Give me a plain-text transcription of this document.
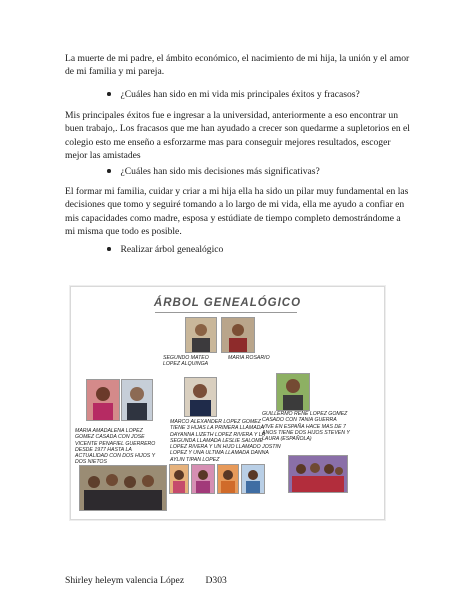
La muerte de mi padre, el ámbito económico, el nacimiento de mi hija, la unión y el amor de mi familia y mi pareja.

¿Cuáles han sido en mi vida mis principales éxitos y fracasos?

Mis principales éxitos fue e ingresar a la universidad, anteriormente a eso encontrar un buen trabajo,. Los fracasos que me han ayudado a crecer son quedarme a supletorios en el colegio esto me enseño a esforzarme mas para conseguir mejores resultados, escoger mejor las amistades

¿Cuáles han sido mis decisiones más significativas?

El formar mi familia, cuidar y criar a mi hija ella ha sido un pilar muy fundamental en las decisiones que tomo y seguiré tomando a lo largo de mi vida, ella me ayudo a confiar en mis capacidades como madre, esposa y estúdiate de tiempo completo demostrándome a mi misma que todo es posible.

Realizar árbol genealógico
ÁRBOL GENEALÓGICO
SEGUNDO MATEO
LOPEZ ALQUINGA
MARIA ROSARIO
MARIA AMADALENA LOPEZ
GOMEZ CASADA CON JOSE
VICENTE PENAFIEL GUERRERO
DESDE 1977 HASTA LA
ACTUALIDAD CON DOS HIJOS Y
DOS NIETOS
MARCO ALEXANDER LOPEZ GOMEZ
TIENE 3 HIJAS LA PRIMERA LLAMADA
DAYANNA LIZETH LOPEZ RIVERA Y LA
SEGUNDA LLAMADA LESLIE SALOME
LOPEZ RIVERA Y UN HIJO LLAMADO JOSTIN
LOPEZ Y UNA ULTIMA LLAMADA DANNA
AYLIN TIPAN LOPEZ
GUILLERMO RENE LOPEZ GOMEZ
CASADO CON TANIA GUERRA
VIVE EN ESPAÑA HACE MAS DE 7
ANOS TIENE DOS HIJOS STEVEN Y
LAURA (ESPAÑOLA)
Shirley heleym valencia López D303
